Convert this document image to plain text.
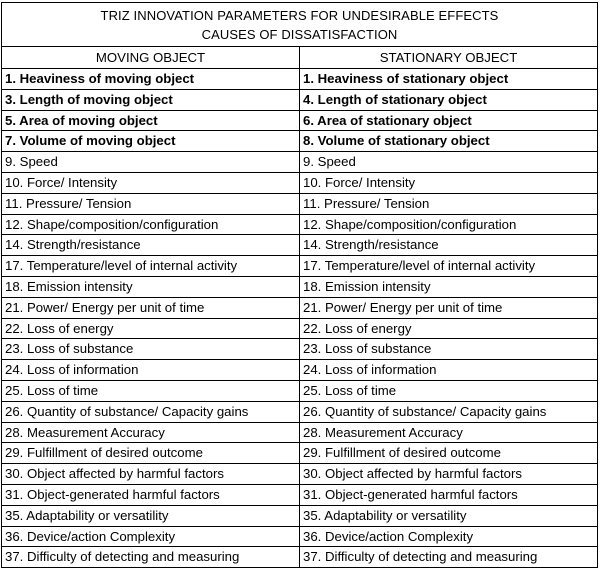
TRIZ INNOVATION PARAMETERS FOR UNDESIRABLE EFFECTS
CAUSES OF DISSATISFACTION	

MOVING OBJECT	STATIONARY OBJECT
1. Heaviness of moving object	1. Heaviness of stationary object
3. Length of moving object	4. Length of stationary object
5. Area of moving object	6. Area of stationary object
7. Volume of moving object	8. Volume of stationary object
9. Speed	9. Speed
10. Force/ Intensity	10. Force/ Intensity
11. Pressure/ Tension	11. Pressure/ Tension
12. Shape/composition/configuration	12. Shape/composition/configuration
14. Strength/resistance	14. Strength/resistance
17. Temperature/level of internal activity	17. Temperature/level of internal activity
18. Emission intensity	18. Emission intensity
21. Power/ Energy per unit of time	21. Power/ Energy per unit of time
22. Loss of energy	22. Loss of energy
23. Loss of substance	23. Loss of substance
24. Loss of information	24. Loss of information
25. Loss of time	25. Loss of time
26. Quantity of substance/ Capacity gains	26. Quantity of substance/ Capacity gains
28. Measurement Accuracy	28. Measurement Accuracy
29. Fulfillment of desired outcome	29. Fulfillment of desired outcome
30. Object affected by harmful factors	30. Object affected by harmful factors
31. Object-generated harmful factors	31. Object-generated harmful factors
35. Adaptability or versatility	35. Adaptability or versatility
36. Device/action Complexity	36. Device/action Complexity
37. Difficulty of detecting and measuring	37. Difficulty of detecting and measuring
